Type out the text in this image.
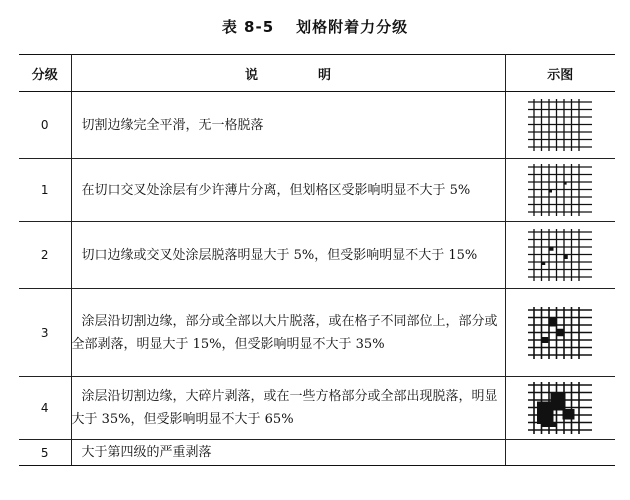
表 8-5 划格附着力分级
分级	说明	示图
0	切割边缘完全平滑，无一格脱落

1	在切口交叉处涂层有少许薄片分离，但划格区受影响明显不大于 5%

2	切口边缘或交叉处涂层脱落明显大于 5%，但受影响明显不大于 15%

3	涂层沿切割边缘，部分或全部以大片脱落，或在格子不同部位上，部分或全部剥落，明显大于 15%，但受影响明显不大于 35%

4	涂层沿切割边缘，大碎片剥落，或在一些方格部分或全部出现脱落，明显大于 35%，但受影响明显不大于 65%

5	大于第四级的严重剥落	
